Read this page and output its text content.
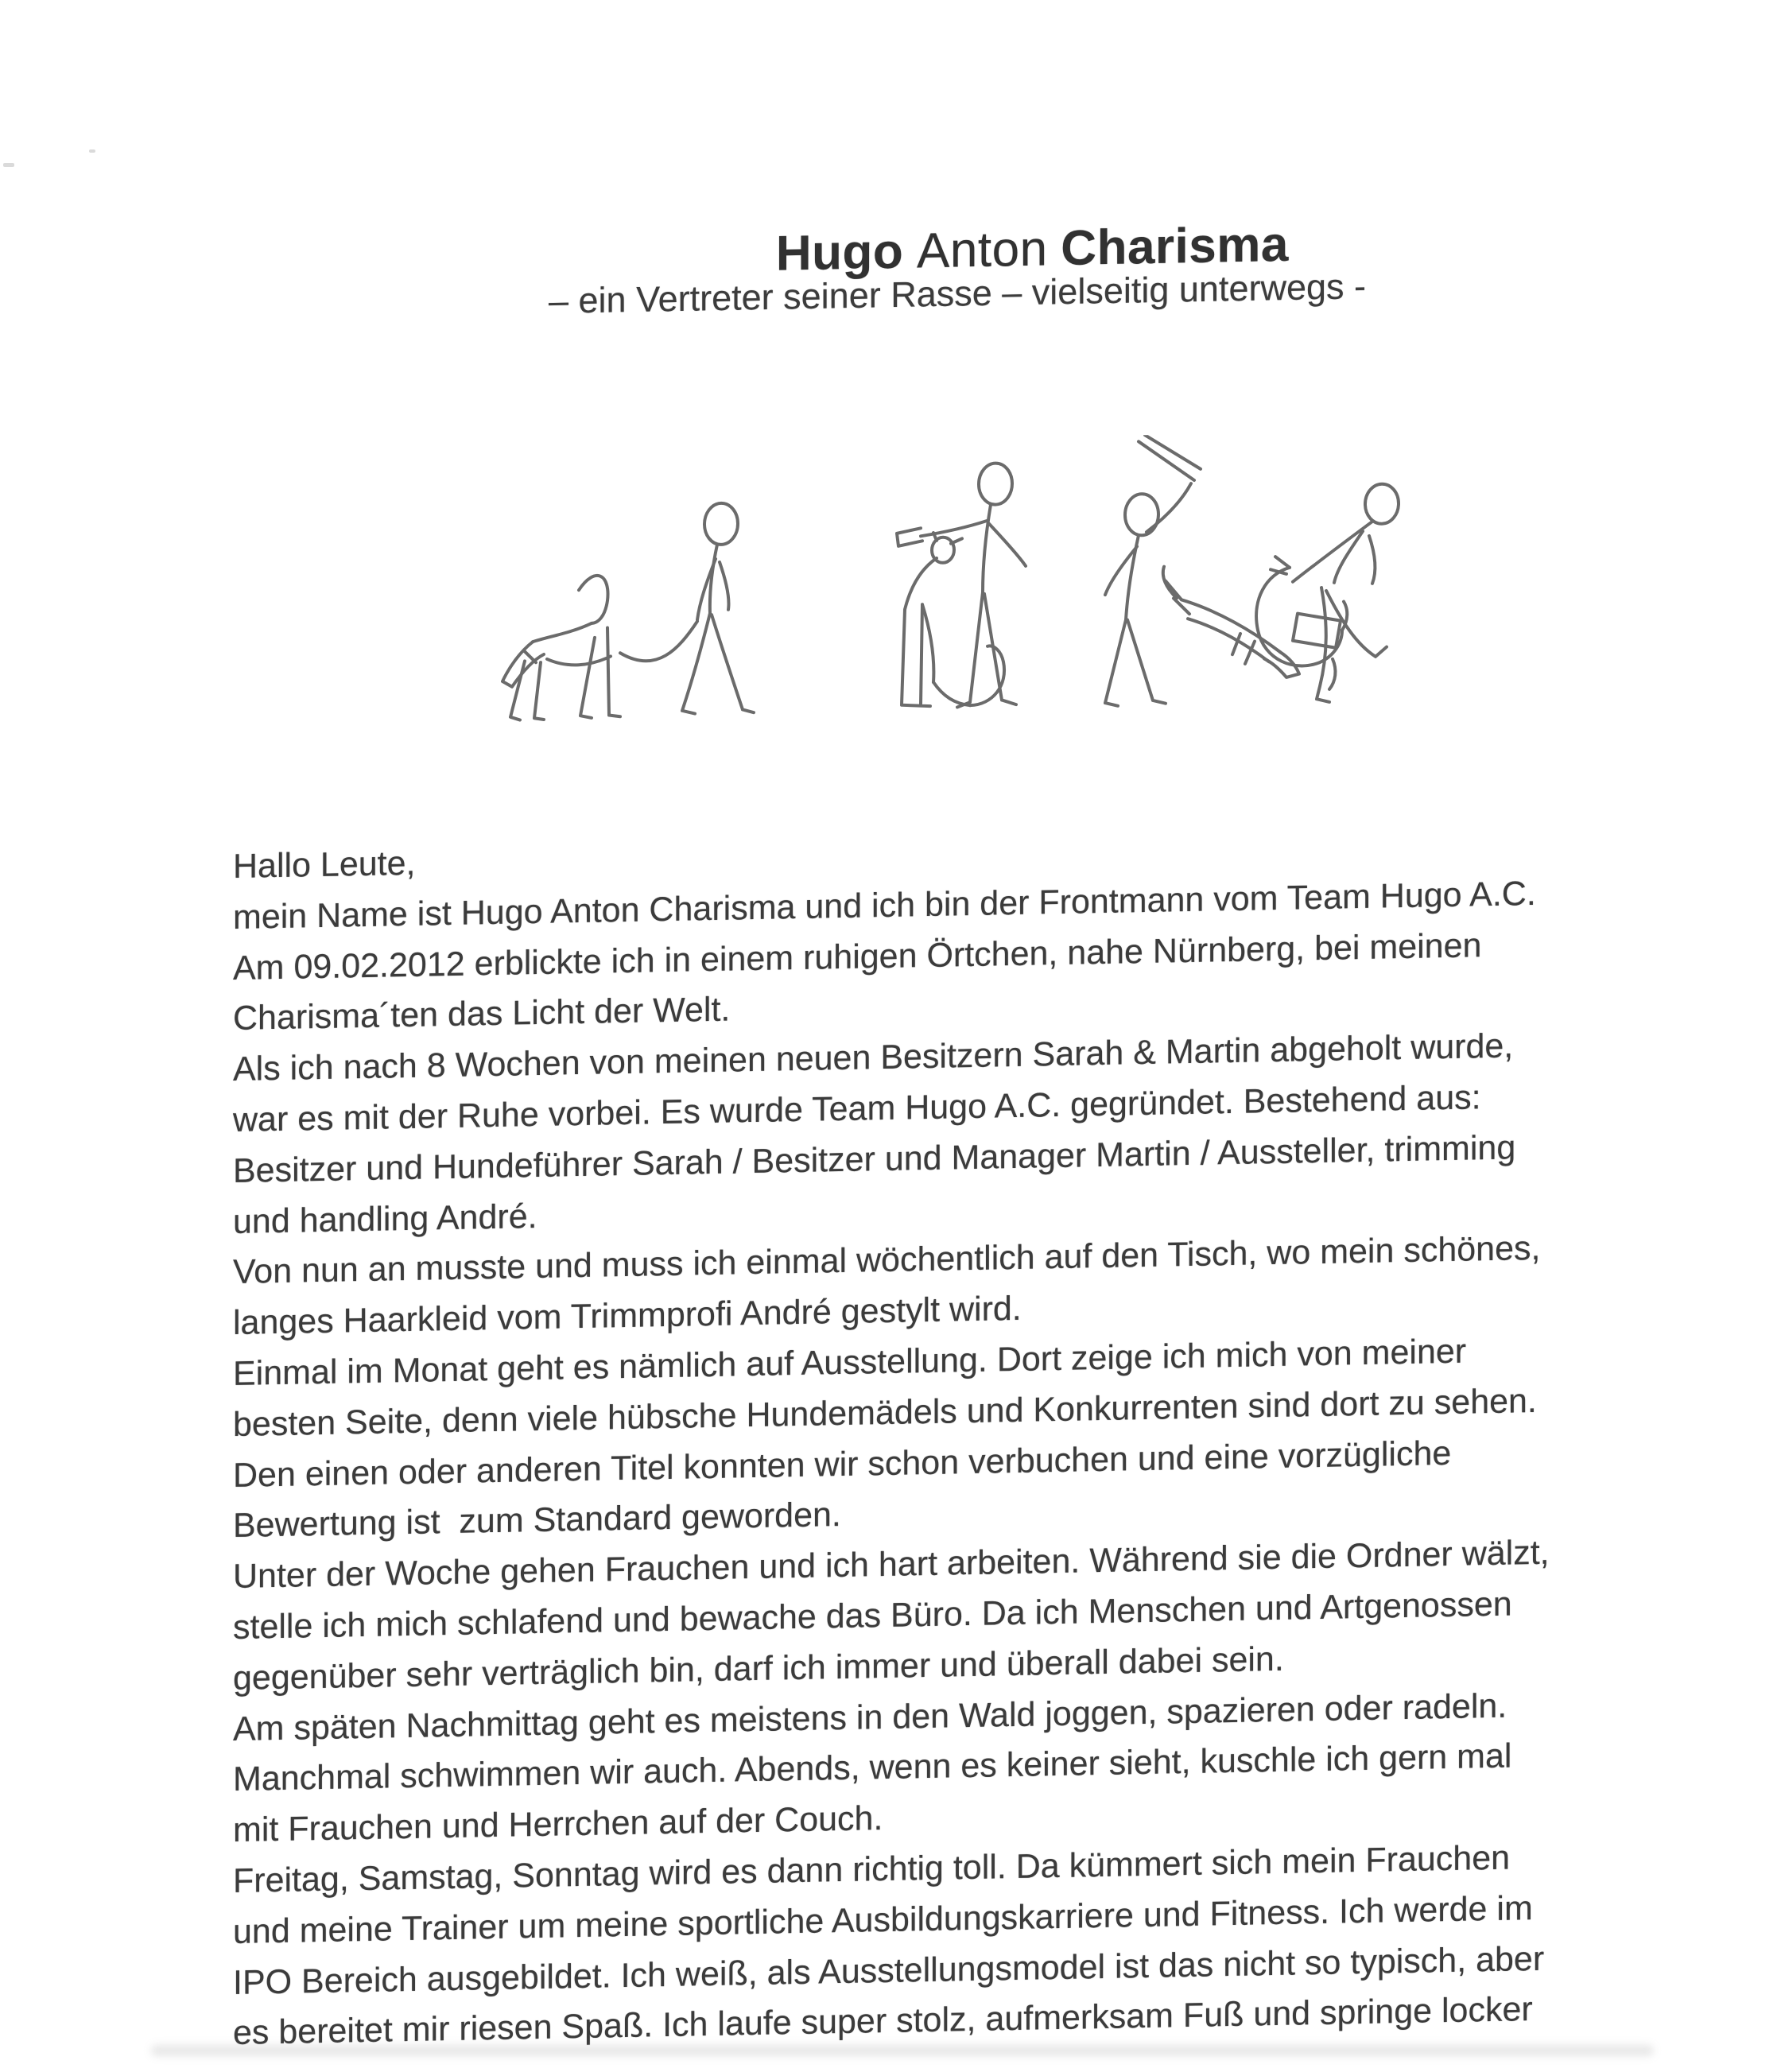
Hugo Anton Charisma

– ein Vertreter seiner Rasse – vielseitig unterwegs -
Hallo Leute,
mein Name ist Hugo Anton Charisma und ich bin der Frontmann vom Team Hugo A.C.
Am 09.02.2012 erblickte ich in einem ruhigen Örtchen, nahe Nürnberg, bei meinen
Charisma´ten das Licht der Welt.
Als ich nach 8 Wochen von meinen neuen Besitzern Sarah & Martin abgeholt wurde,
war es mit der Ruhe vorbei. Es wurde Team Hugo A.C. gegründet. Bestehend aus:
Besitzer und Hundeführer Sarah / Besitzer und Manager Martin / Aussteller, trimming
und handling André.
Von nun an musste und muss ich einmal wöchentlich auf den Tisch, wo mein schönes,
langes Haarkleid vom Trimmprofi André gestylt wird.
Einmal im Monat geht es nämlich auf Ausstellung. Dort zeige ich mich von meiner
besten Seite, denn viele hübsche Hundemädels und Konkurrenten sind dort zu sehen.
Den einen oder anderen Titel konnten wir schon verbuchen und eine vorzügliche
Bewertung ist  zum Standard geworden.
Unter der Woche gehen Frauchen und ich hart arbeiten. Während sie die Ordner wälzt,
stelle ich mich schlafend und bewache das Büro. Da ich Menschen und Artgenossen
gegenüber sehr verträglich bin, darf ich immer und überall dabei sein.
Am späten Nachmittag geht es meistens in den Wald joggen, spazieren oder radeln.
Manchmal schwimmen wir auch. Abends, wenn es keiner sieht, kuschle ich gern mal
mit Frauchen und Herrchen auf der Couch.
Freitag, Samstag, Sonntag wird es dann richtig toll. Da kümmert sich mein Frauchen
und meine Trainer um meine sportliche Ausbildungskarriere und Fitness. Ich werde im
IPO Bereich ausgebildet. Ich weiß, als Ausstellungsmodel ist das nicht so typisch, aber
es bereitet mir riesen Spaß. Ich laufe super stolz, aufmerksam Fuß und springe locker
